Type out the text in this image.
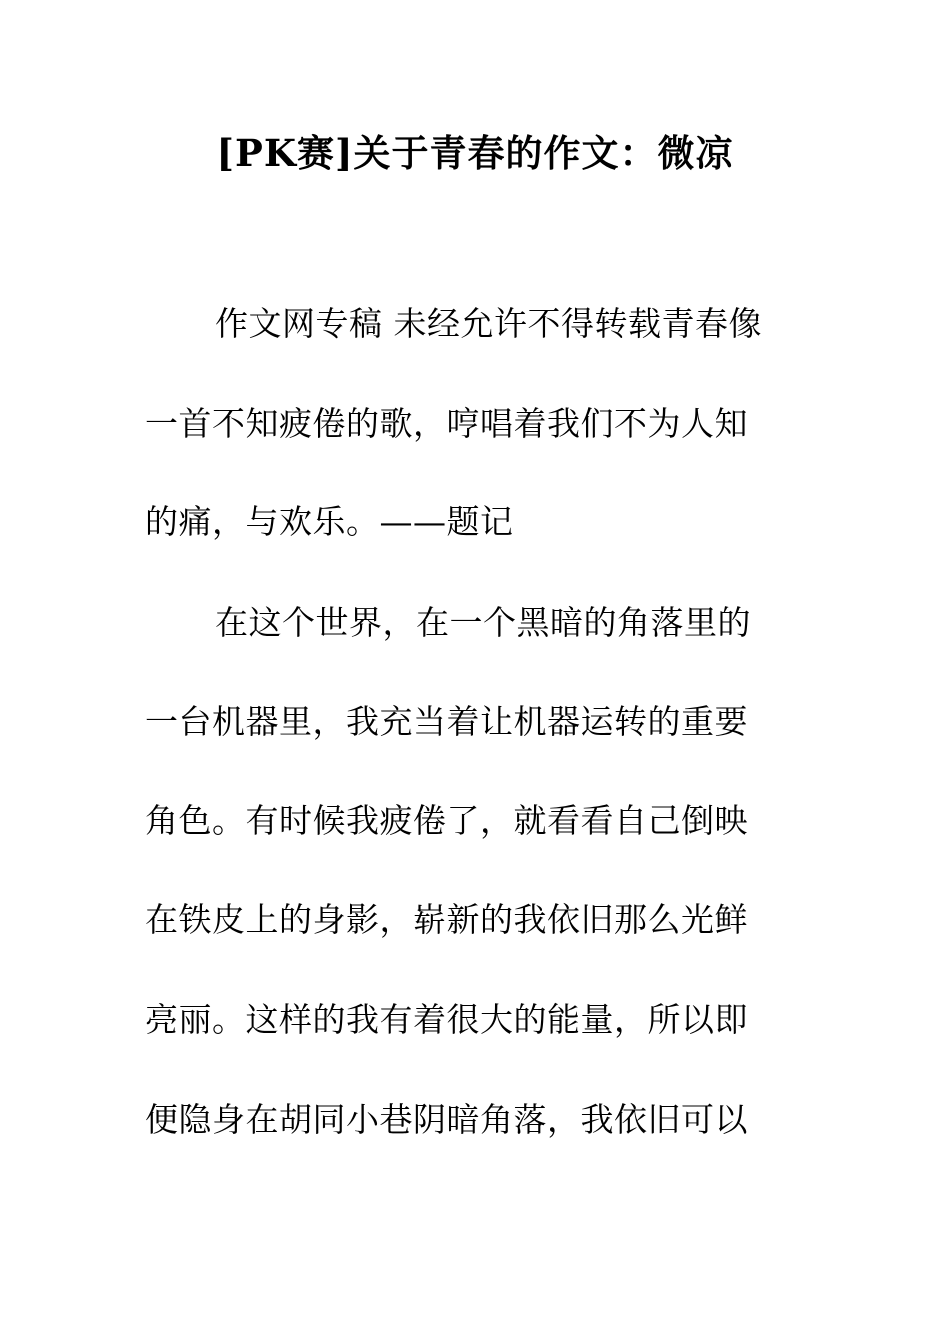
[PK赛]关于青春的作文：微凉
作文网专稿 未经允许不得转载青春像
一首不知疲倦的歌，哼唱着我们不为人知
的痛，与欢乐。——题记
在这个世界，在一个黑暗的角落里的
一台机器里，我充当着让机器运转的重要
角色。有时候我疲倦了，就看看自己倒映
在铁皮上的身影，崭新的我依旧那么光鲜
亮丽。这样的我有着很大的能量，所以即
便隐身在胡同小巷阴暗角落，我依旧可以
